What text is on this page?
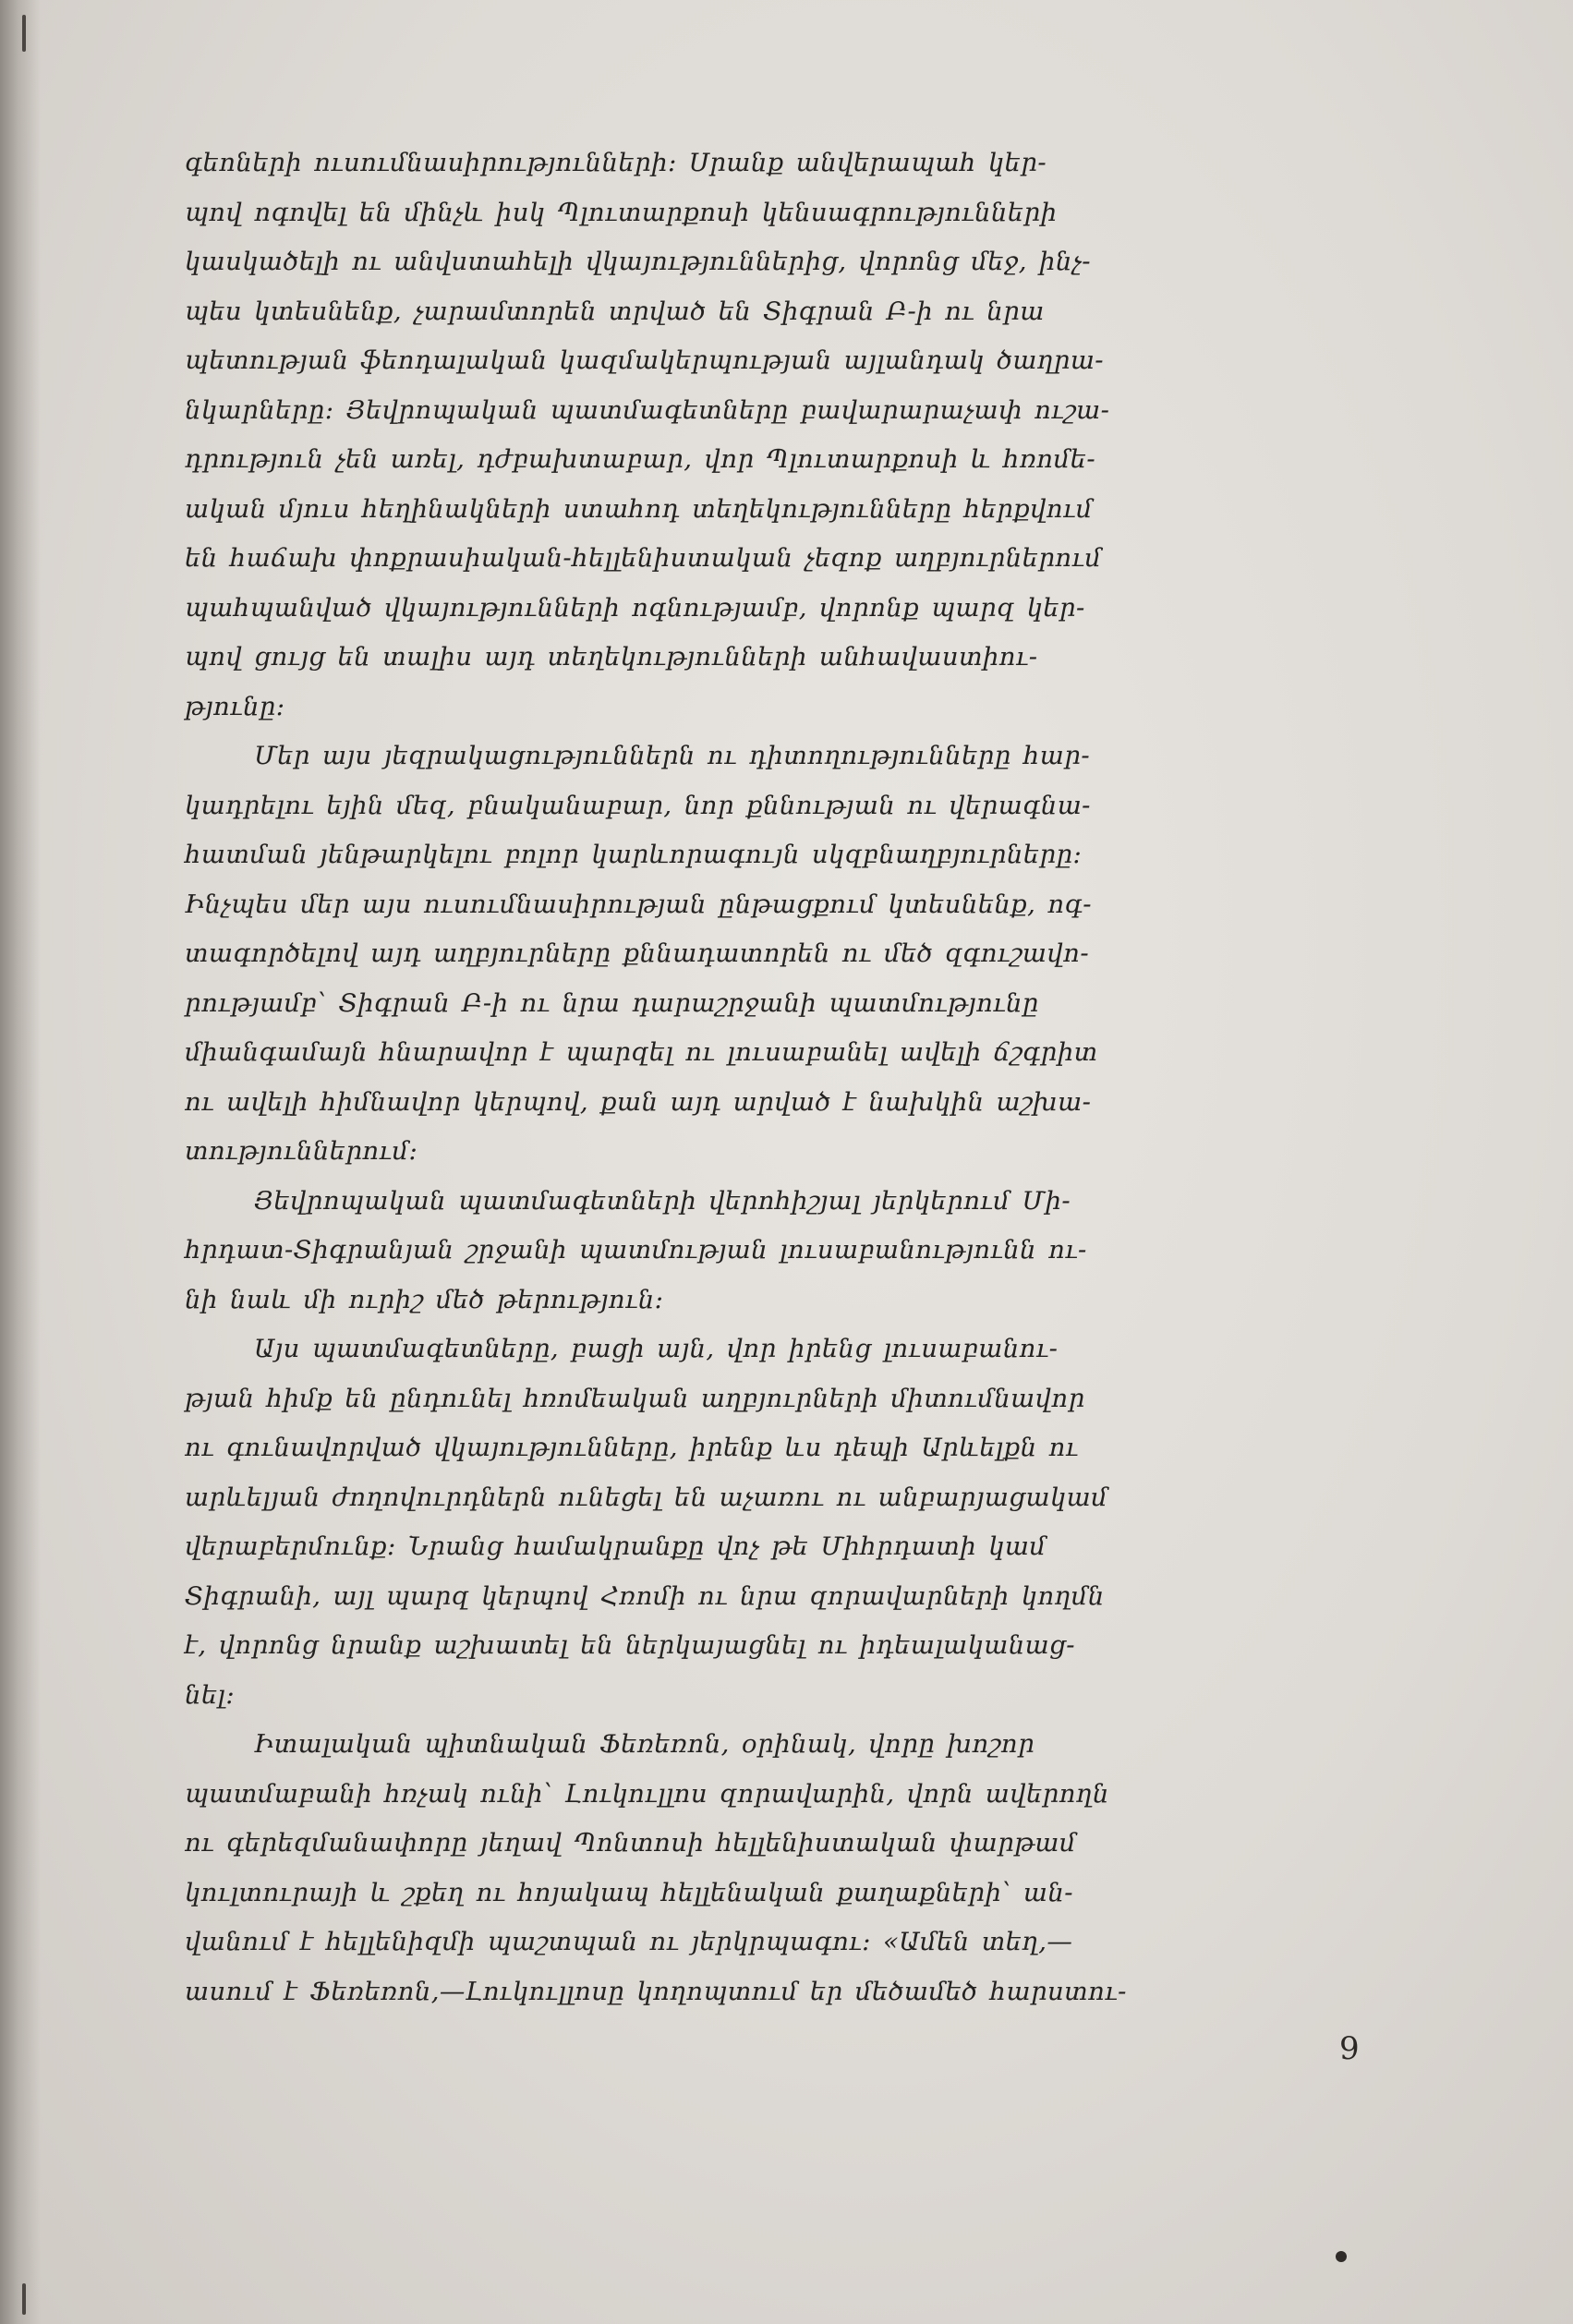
գեոների ուսումնասիրությունների։ Սրանք անվերապահ կեր-
պով ոգովել են մինչև իսկ Պլուտարքոսի կենսագրությունների
կասկածելի ու անվստահելի վկայություններից, վորոնց մեջ, ինչ-
պես կտեսնենք, չարամտորեն տրված են Տիգրան Բ-ի ու նրա
պետության ֆեոդալական կազմակերպության այլանդակ ծաղրա-
նկարները։ Յեվրոպական պատմագետները բավարարաչափ ուշա-
դրություն չեն առել, դժբախտաբար, վոր Պլուտարքոսի և հռոմե-
ական մյուս հեղինակների ստահոդ տեղեկությունները հերքվում
են հաճախ փոքրասիական-հելլենիստական չեզոք աղբյուրներում
պահպանված վկայությունների ոգնությամբ, վորոնք պարզ կեր-
պով ցույց են տալիս այդ տեղեկությունների անհավաստիու-
թյունը։

Մեր այս յեզրակացություններն ու դիտողությունները հար-
կադրելու եյին մեզ, բնականաբար, նոր քննության ու վերագնա-
հատման յենթարկելու բոլոր կարևորագույն սկզբնաղբյուրները։
Ինչպես մեր այս ուսումնասիրության ընթացքում կտեսնենք, ոգ-
տագործելով այդ աղբյուրները քննադատորեն ու մեծ զգուշավո-
րությամբ՝ Տիգրան Բ-ի ու նրա դարաշրջանի պատմությունը
միանգամայն հնարավոր է պարզել ու լուսաբանել ավելի ճշգրիտ
ու ավելի հիմնավոր կերպով, քան այդ արված է նախկին աշխա-
տություններում։

Յեվրոպական պատմագետների վերոհիշյալ յերկերում Մի-
հրդատ-Տիգրանյան շրջանի պատմության լուսաբանությունն ու-
նի նաև մի ուրիշ մեծ թերություն։

Այս պատմագետները, բացի այն, վոր իրենց լուսաբանու-
թյան հիմք են ընդունել հռոմեական աղբյուրների միտումնավոր
ու գունավորված վկայությունները, իրենք ևս դեպի Արևելքն ու
արևելյան ժողովուրդներն ունեցել են աչառու ու անբարյացակամ
վերաբերմունք։ Նրանց համակրանքը վոչ թե Միհրդատի կամ
Տիգրանի, այլ պարզ կերպով Հռոմի ու նրա զորավարների կողմն
է, վորոնց նրանք աշխատել են ներկայացնել ու իդեալականաց-
նել։

Իտալական պիտնական Ֆեռեռոն, օրինակ, վորը խոշոր
պատմաբանի հռչակ ունի՝ Լուկուլլոս զորավարին, վորն ավերողն
ու գերեզմանափորը յեղավ Պոնտոսի հելլենիստական փարթամ
կուլտուրայի և շքեղ ու հոյակապ հելլենական քաղաքների՝ ան-
վանում է հելլենիզմի պաշտպան ու յերկրպագու։ «Ամեն տեղ,—
ասում է Ֆեռեռոն,—Լուկուլլոսը կողոպտում եր մեծամեծ հարստու-

9
